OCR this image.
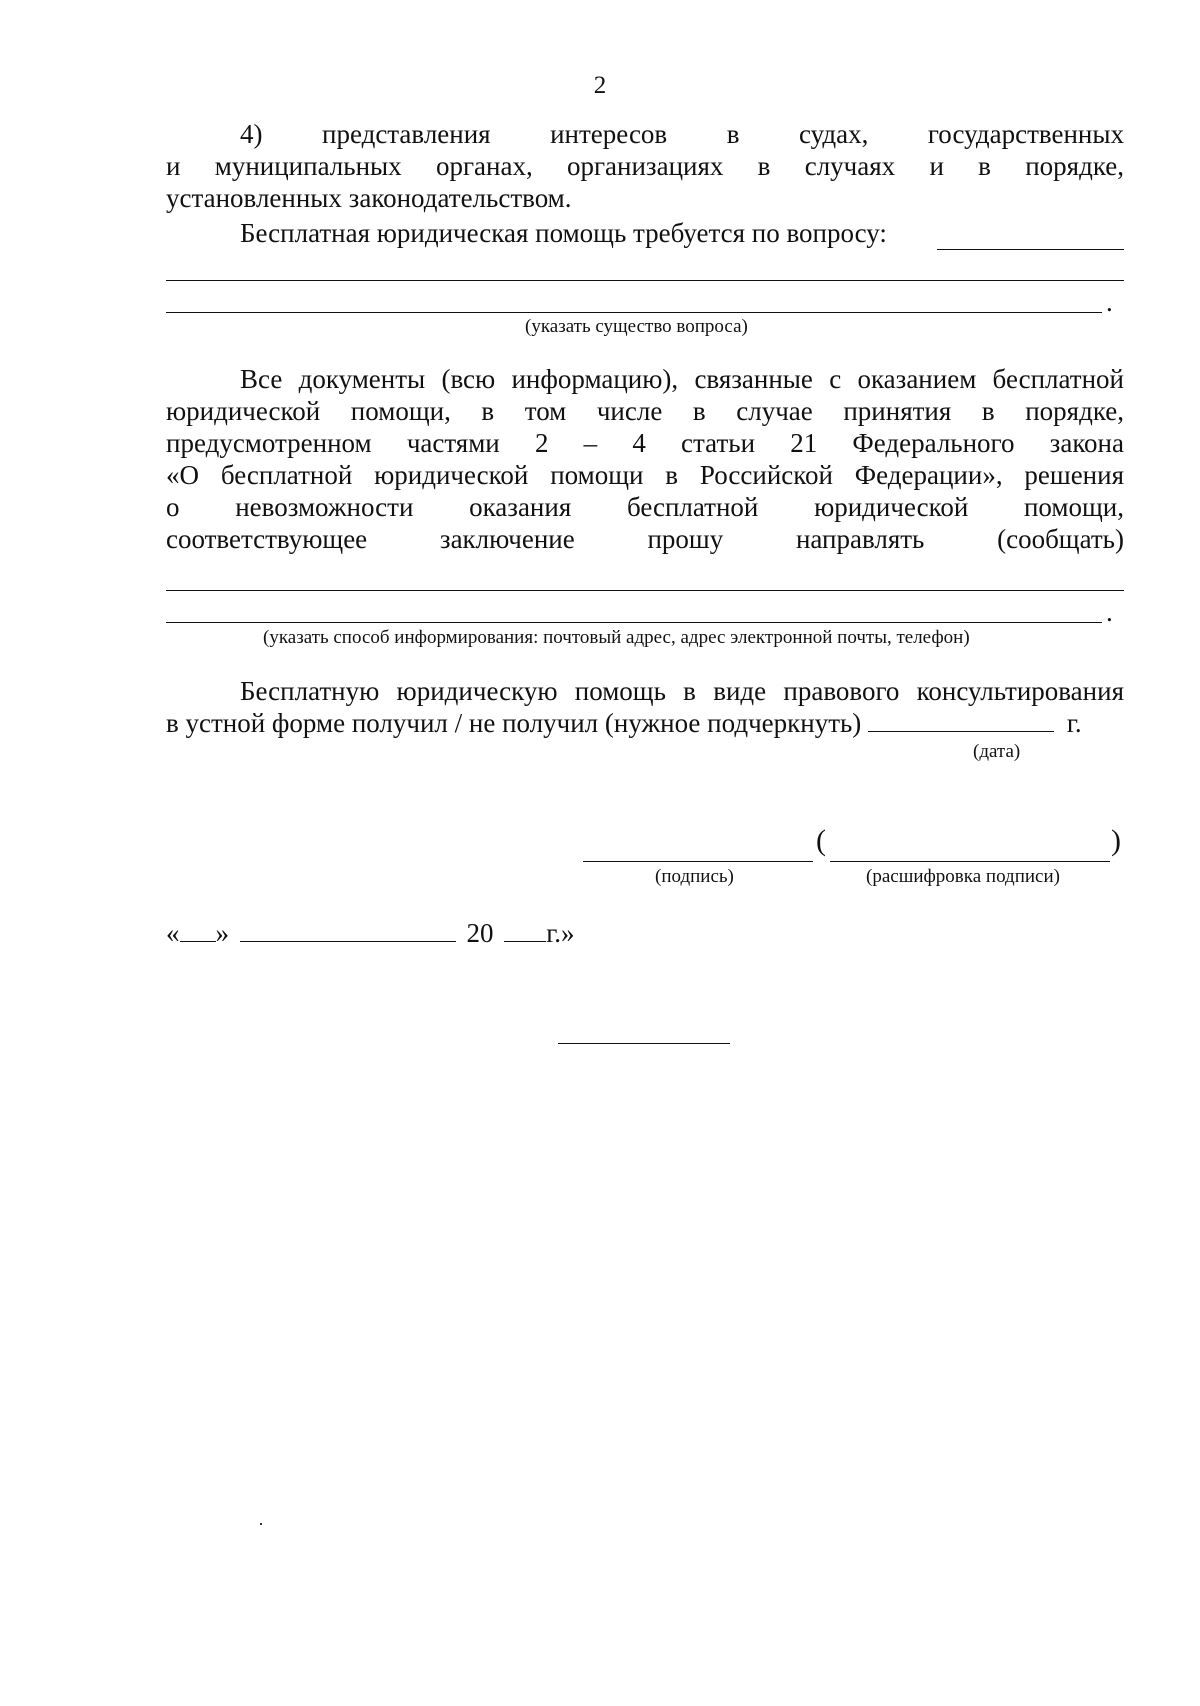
2
4) представления интересов в судах, государственных
и муниципальных органах, организациях в случаях и в порядке,
установленных законодательством.
Бесплатная юридическая помощь требуется по вопросу:
.
(указать существо вопроса)
Все документы (всю информацию), связанные с оказанием бесплатной
юридической помощи, в том числе в случае принятия в порядке,
предусмотренном частями 2 – 4 статьи 21 Федерального закона
«О бесплатной юридической помощи в Российской Федерации», решения
о невозможности оказания бесплатной юридической помощи,
соответствующее заключение прошу направлять (сообщать)
.
(указать способ информирования: почтовый адрес, адрес электронной почты, телефон)
Бесплатную юридическую помощь в виде правового консультирования
в устной форме получил / не получил (нужное подчеркнуть)	г.
(дата)
(	)
(подпись)	(расшифровка подписи)
« »	20 г.»
